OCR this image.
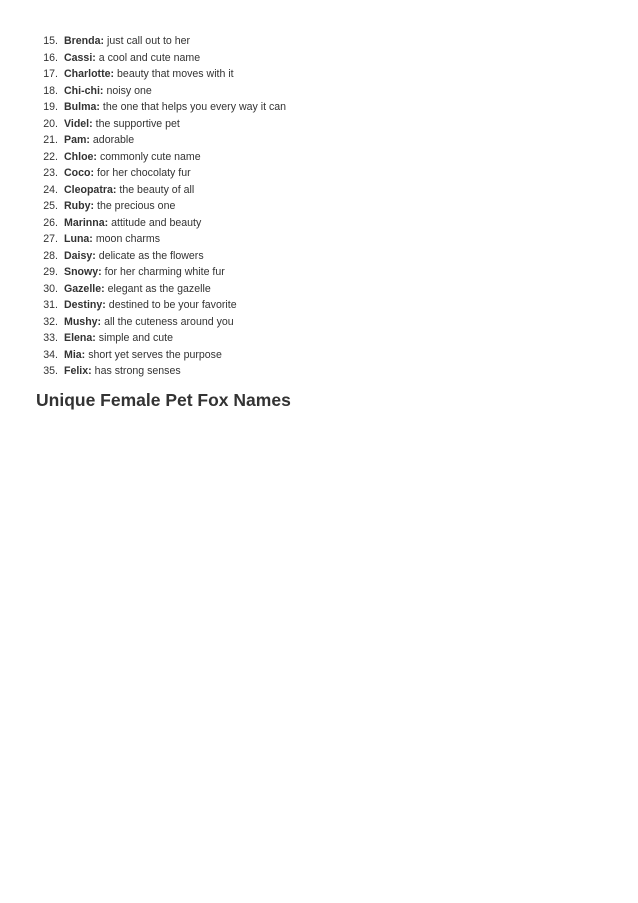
15. Brenda: just call out to her
16. Cassi: a cool and cute name
17. Charlotte: beauty that moves with it
18. Chi-chi: noisy one
19. Bulma: the one that helps you every way it can
20. Videl: the supportive pet
21. Pam: adorable
22. Chloe: commonly cute name
23. Coco: for her chocolaty fur
24. Cleopatra: the beauty of all
25. Ruby: the precious one
26. Marinna: attitude and beauty
27. Luna: moon charms
28. Daisy: delicate as the flowers
29. Snowy: for her charming white fur
30. Gazelle: elegant as the gazelle
31. Destiny: destined to be your favorite
32. Mushy: all the cuteness around you
33. Elena: simple and cute
34. Mia: short yet serves the purpose
35. Felix: has strong senses
Unique Female Pet Fox Names
